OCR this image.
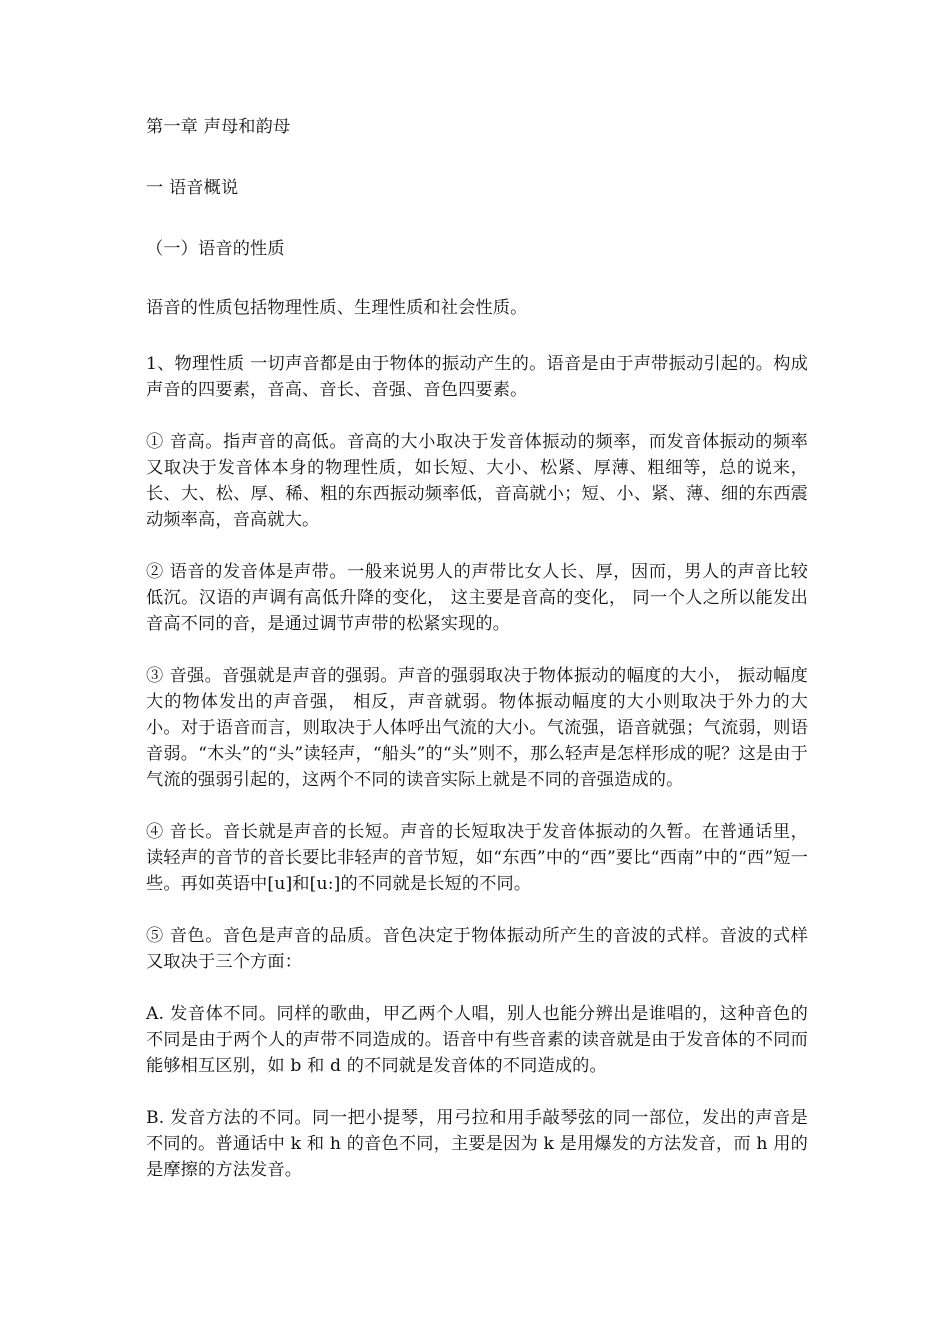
第一章 声母和韵母
一 语音概说
（一）语音的性质

语音的性质包括物理性质、生理性质和社会性质。

1、物理性质 一切声音都是由于物体的振动产生的。语音是由于声带振动引起的。构成声音的四要素，音高、音长、音强、音色四要素。

① 音高。指声音的高低。音高的大小取决于发音体振动的频率，而发音体振动的频率又取决于发音体本身的物理性质，如长短、大小、松紧、厚薄、粗细等，总的说来，长、大、松、厚、稀、粗的东西振动频率低，音高就小；短、小、紧、薄、细的东西震动频率高，音高就大。

② 语音的发音体是声带。一般来说男人的声带比女人长、厚，因而，男人的声音比较低沉。汉语的声调有高低升降的变化， 这主要是音高的变化， 同一个人之所以能发出音高不同的音，是通过调节声带的松紧实现的。

③ 音强。音强就是声音的强弱。声音的强弱取决于物体振动的幅度的大小， 振动幅度大的物体发出的声音强， 相反，声音就弱。物体振动幅度的大小则取决于外力的大小。对于语音而言，则取决于人体呼出气流的大小。气流强，语音就强；气流弱，则语音弱。“木头”的“头”读轻声，“船头”的“头”则不，那么轻声是怎样形成的呢？这是由于气流的强弱引起的，这两个不同的读音实际上就是不同的音强造成的。

④ 音长。音长就是声音的长短。声音的长短取决于发音体振动的久暂。在普通话里，读轻声的音节的音长要比非轻声的音节短，如“东西”中的“西”要比“西南”中的“西”短一些。再如英语中[u]和[u:]的不同就是长短的不同。

⑤ 音色。音色是声音的品质。音色决定于物体振动所产生的音波的式样。音波的式样又取决于三个方面：

A. 发音体不同。同样的歌曲，甲乙两个人唱，别人也能分辨出是谁唱的，这种音色的不同是由于两个人的声带不同造成的。语音中有些音素的读音就是由于发音体的不同而能够相互区别，如 b 和 d 的不同就是发音体的不同造成的。

B. 发音方法的不同。同一把小提琴，用弓拉和用手敲琴弦的同一部位，发出的声音是不同的。普通话中 k 和 h 的音色不同，主要是因为 k 是用爆发的方法发音，而 h 用的是摩擦的方法发音。
